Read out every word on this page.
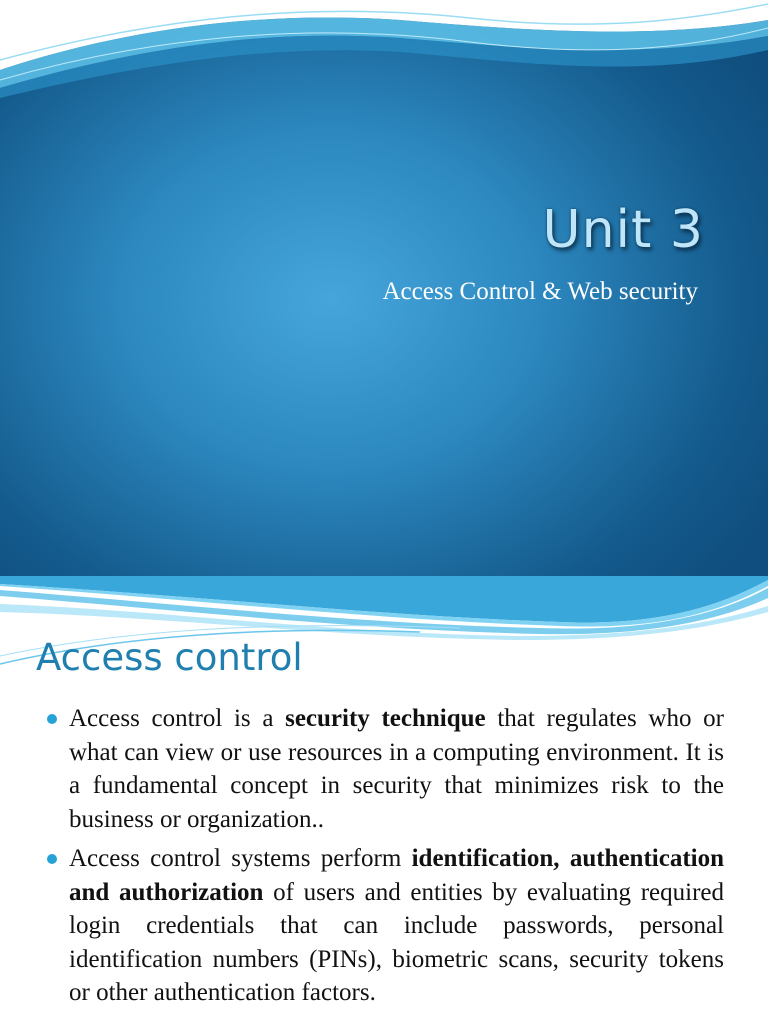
Unit 3

Access Control & Web security

Access control
Access control is a security technique that regulates who or what can view or use resources in a computing environment. It is a fundamental concept in security that minimizes risk to the business or organization..
Access control systems perform identification, authentication and authorization of users and entities by evaluating required login credentials that can include passwords, personal identification numbers (PINs), biometric scans, security tokens or other authentication factors.
